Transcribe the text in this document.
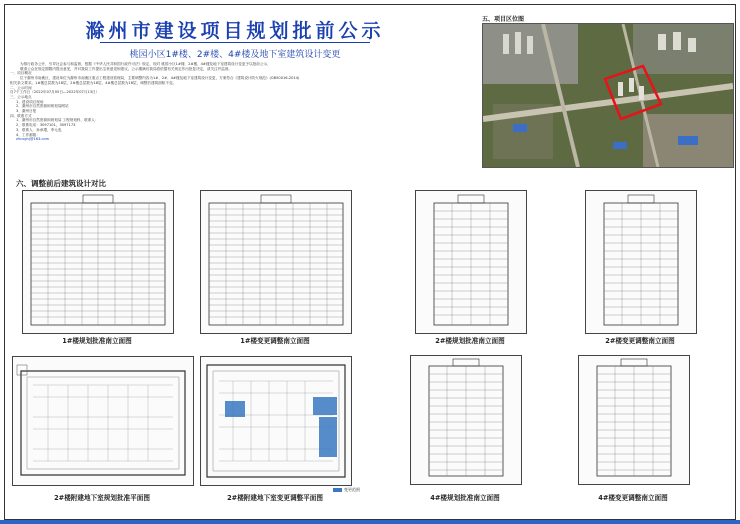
滁州市建设项目规划批前公示
桃园小区1#楼、2#楼、4#楼及地下室建筑设计变更
为推行政务公开，引导社会参与和监督，根据《中华人民共和国行政许可法》规定，现对 桃园小区1#楼、2#楼、4#楼及地下室建筑设计变更予以批前公示，
敬请公众在规定期限内提出意见，并对我局工作提出宝贵意见和建议。公示期满后我局将依据有关规定作出批复决定，请关注并监督。
一、项目概况
位于滁州市南谯区，建设单位为滁州市南谯区重点工程建设管理局，主要调整内容为1#、2#、4#楼及地下室建筑设计变更，方案符合《建筑设计防火规范》(GB50016-2014)
相关条文要求。1#楼总层数为18层，2#楼总层数为18层，4#楼总层数为18层，调整后建筑面积不变。
二、公示时间
自7个工作日（2022年07月05日—2022年07月13日）
三、公示地点
1、建设项目现场
2、滁州市自然资源和规划局网站
3、滁州日报
四、联系方式
1、滁州市自然资源和规划局 工程规划科，联系人：
2、联系电话：3097101，3097173
3、联系人：孙承璟，李元泓
4、工作邮箱：
zhcxghj@163.com
五、项目区位图
六、调整前后建筑设计对比
1#楼规划批准南立面图	1#楼变更调整南立面图	2#楼规划批准南立面图	2#楼变更调整南立面图
2#楼附建地下室规划批准平面图	2#楼附建地下室变更调整平面图
变更范围
4#楼规划批准南立面图	4#楼变更调整南立面图
